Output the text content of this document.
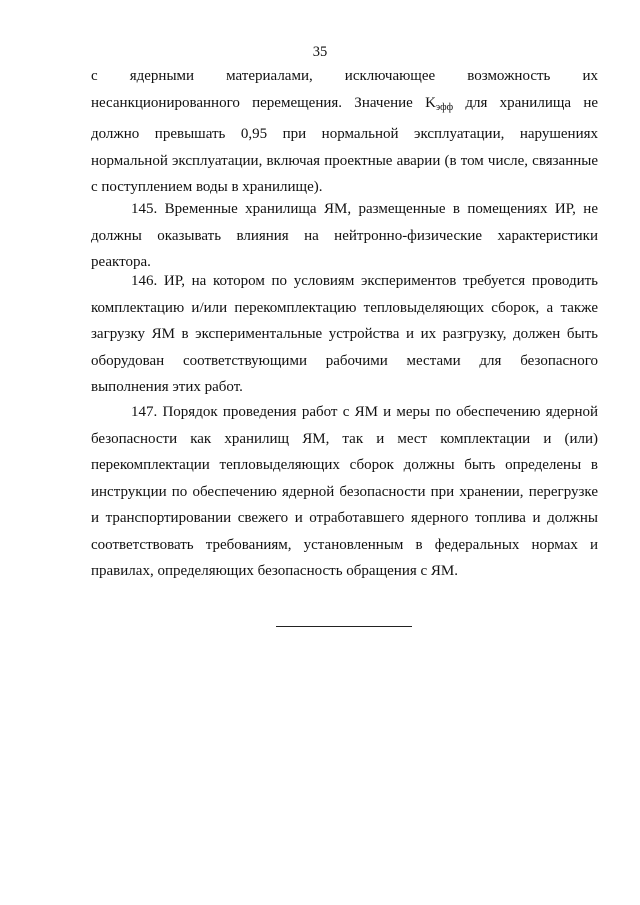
35

с ядерными материалами, исключающее возможность их несанкционированного перемещения. Значение $K_{эфф}$ для хранилища не должно превышать 0,95 при нормальной эксплуатации, нарушениях нормальной эксплуатации, включая проектные аварии (в том числе, связанные с поступлением воды в хранилище).

145. Временные хранилища ЯМ, размещенные в помещениях ИР, не должны оказывать влияния на нейтронно-физические характеристики реактора.

146. ИР, на котором по условиям экспериментов требуется проводить комплектацию и/или перекомплектацию тепловыделяющих сборок, а также загрузку ЯМ в экспериментальные устройства и их разгрузку, должен быть оборудован соответствующими рабочими местами для безопасного выполнения этих работ.

147. Порядок проведения работ с ЯМ и меры по обеспечению ядерной безопасности как хранилищ ЯМ, так и мест комплектации и (или) перекомплектации тепловыделяющих сборок должны быть определены в инструкции по обеспечению ядерной безопасности при хранении, перегрузке и транспортировании свежего и отработавшего ядерного топлива и должны соответствовать требованиям, установленным в федеральных нормах и правилах, определяющих безопасность обращения с ЯМ.
